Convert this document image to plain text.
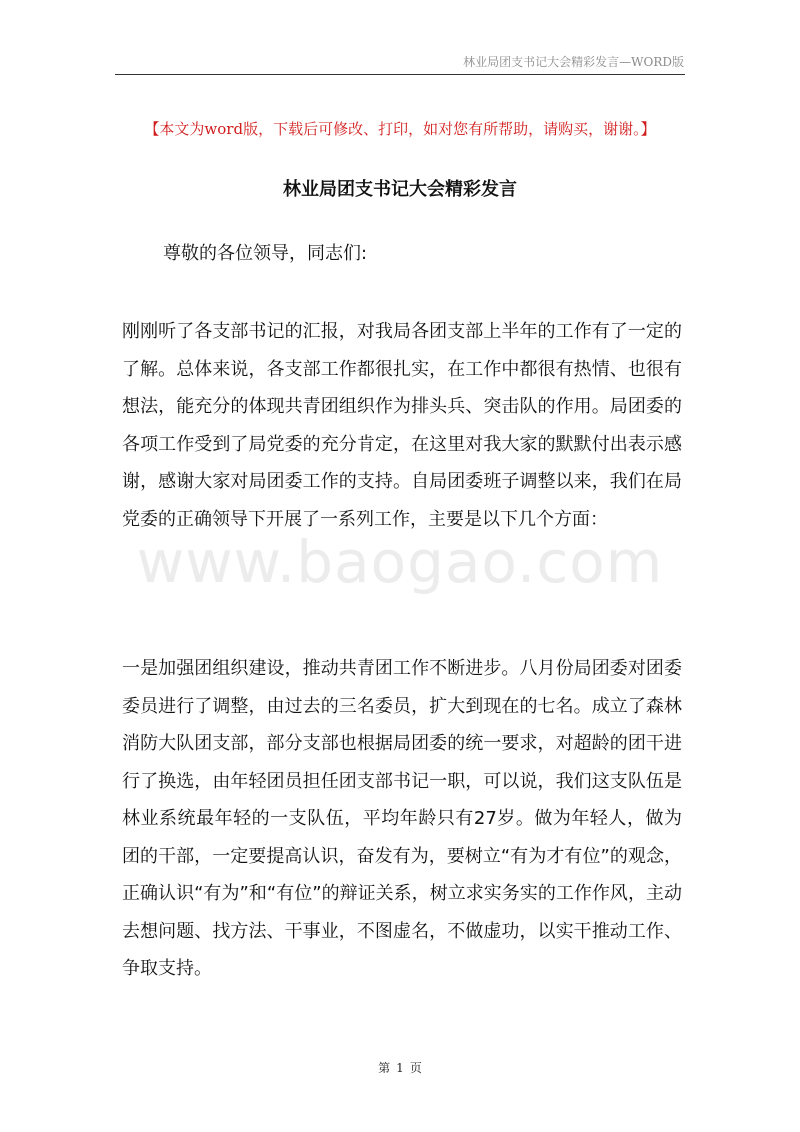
林业局团支书记大会精彩发言—WORD版
【本文为word版，下载后可修改、打印，如对您有所帮助，请购买，谢谢。】
www.baogao.com
林业局团支书记大会精彩发言
尊敬的各位领导，同志们:

刚刚听了各支部书记的汇报，对我局各团支部上半年的工作有了一定的了解。总体来说，各支部工作都很扎实，在工作中都很有热情、也很有想法，能充分的体现共青团组织作为排头兵、突击队的作用。局团委的各项工作受到了局党委的充分肯定，在这里对我大家的默默付出表示感谢，感谢大家对局团委工作的支持。自局团委班子调整以来，我们在局党委的正确领导下开展了一系列工作，主要是以下几个方面：

一是加强团组织建设，推动共青团工作不断进步。八月份局团委对团委委员进行了调整，由过去的三名委员，扩大到现在的七名。成立了森林消防大队团支部，部分支部也根据局团委的统一要求，对超龄的团干进行了换选，由年轻团员担任团支部书记一职，可以说，我们这支队伍是林业系统最年轻的一支队伍，平均年龄只有27岁。做为年轻人，做为团的干部，一定要提高认识，奋发有为，要树立“有为才有位”的观念，正确认识“有为”和“有位”的辩证关系，树立求实务实的工作作风，主动去想问题、找方法、干事业，不图虚名，不做虚功，以实干推动工作、争取支持。

第 1 页
